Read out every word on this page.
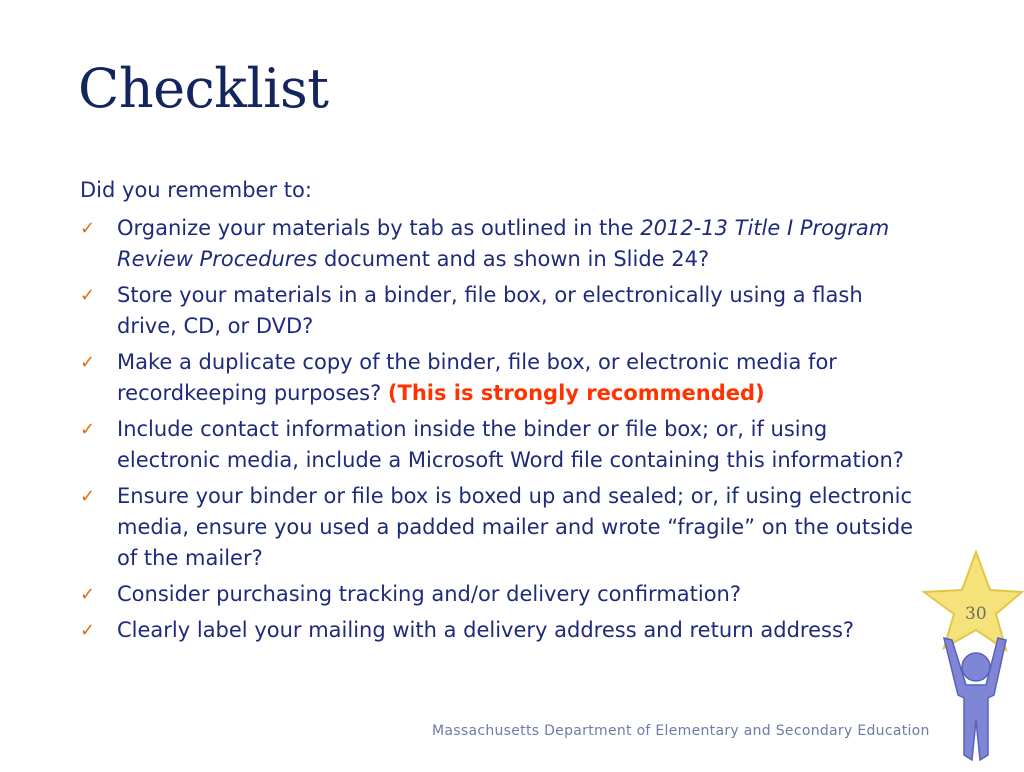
Checklist
Did you remember to:
✓ Organize your materials by tab as outlined in the 2012-13 Title I Program Review Procedures document and as shown in Slide 24?
✓ Store your materials in a binder, file box, or electronically using a flash drive, CD, or DVD?
✓ Make a duplicate copy of the binder, file box, or electronic media for recordkeeping purposes? (This is strongly recommended)
✓ Include contact information inside the binder or file box; or, if using electronic media, include a Microsoft Word file containing this information?
✓ Ensure your binder or file box is boxed up and sealed; or, if using electronic media, ensure you used a padded mailer and wrote “fragile” on the outside of the mailer?
✓ Consider purchasing tracking and/or delivery confirmation?
✓ Clearly label your mailing with a delivery address and return address?
Massachusetts Department of Elementary and Secondary Education
30
